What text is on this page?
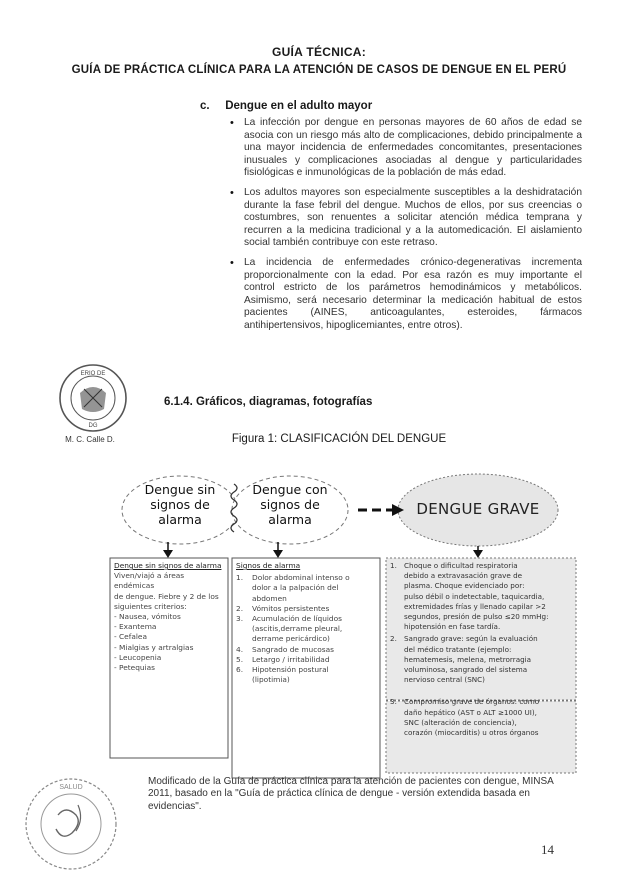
GUÍA TÉCNICA:
GUÍA DE PRÁCTICA CLÍNICA PARA LA ATENCIÓN DE CASOS DE DENGUE EN EL PERÚ
c. Dengue en el adulto mayor
• La infección por dengue en personas mayores de 60 años de edad se asocia con un riesgo más alto de complicaciones, debido principalmente a una mayor incidencia de enfermedades concomitantes, presentaciones inusuales y complicaciones asociadas al dengue y particularidades fisiológicas e inmunológicas de la población de más edad.
• Los adultos mayores son especialmente susceptibles a la deshidratación durante la fase febril del dengue. Muchos de ellos, por sus creencias o costumbres, son renuentes a solicitar atención médica temprana y recurren a la medicina tradicional y a la automedicación. El aislamiento social también contribuye con este retraso.
• La incidencia de enfermedades crónico-degenerativas incrementa proporcionalmente con la edad. Por esa razón es muy importante el control estricto de los parámetros hemodinámicos y metabólicos. Asimismo, será necesario determinar la medicación habitual de estos pacientes (AINES, anticoagulantes, esteroides, fármacos antihipertensivos, hipoglicemiantes, entre otros).
ERIO DE
DG
M. C. Calle D.
6.1.4. Gráficos, diagramas, fotografías
Figura 1: CLASIFICACIÓN DEL DENGUE
Dengue sin
signos de
alarma
Dengue con
signos de
alarma
DENGUE GRAVE
Dengue sin signos de alarma
Viven/viajó a áreas endémicas
de dengue. Fiebre y 2 de los
siguientes criterios:
- Nausea, vómitos
- Exantema
- Cefalea
- Mialgias y artralgias
- Leucopenia
- Petequias
Signos de alarma
1.	Dolor abdominal intenso o
dolor a la palpación del
abdomen
2.	Vómitos persistentes
3.	Acumulación de líquidos
(ascitis,derrame pleural,
derrame pericárdico)
4.	Sangrado de mucosas
5.	Letargo / irritabilidad
6.	Hipotensión postural
(lipotimia)
1. Choque o dificultad respiratoria
debido a extravasación grave de
plasma. Choque evidenciado por:
pulso débil o indetectable, taquicardia,
extremidades frías y llenado capilar >2
segundos, presión de pulso ≤20 mmHg:
hipotensión en fase tardía.
2. Sangrado grave: según la evaluación
del médico tratante (ejemplo:
hematemesis, melena, metrorragia
voluminosa, sangrado del sistema
nervioso central (SNC)
3. Compromiso grave de órganos: como
daño hepático (AST o ALT ≥1000 UI),
SNC (alteración de conciencia),
corazón (miocarditis) u otros órganos
Modificado de la Guía de práctica clínica para la atención de pacientes con dengue, MINSA 2011, basado en la "Guía de práctica clínica de dengue - versión extendida basada en evidencias".
SALUD
14
